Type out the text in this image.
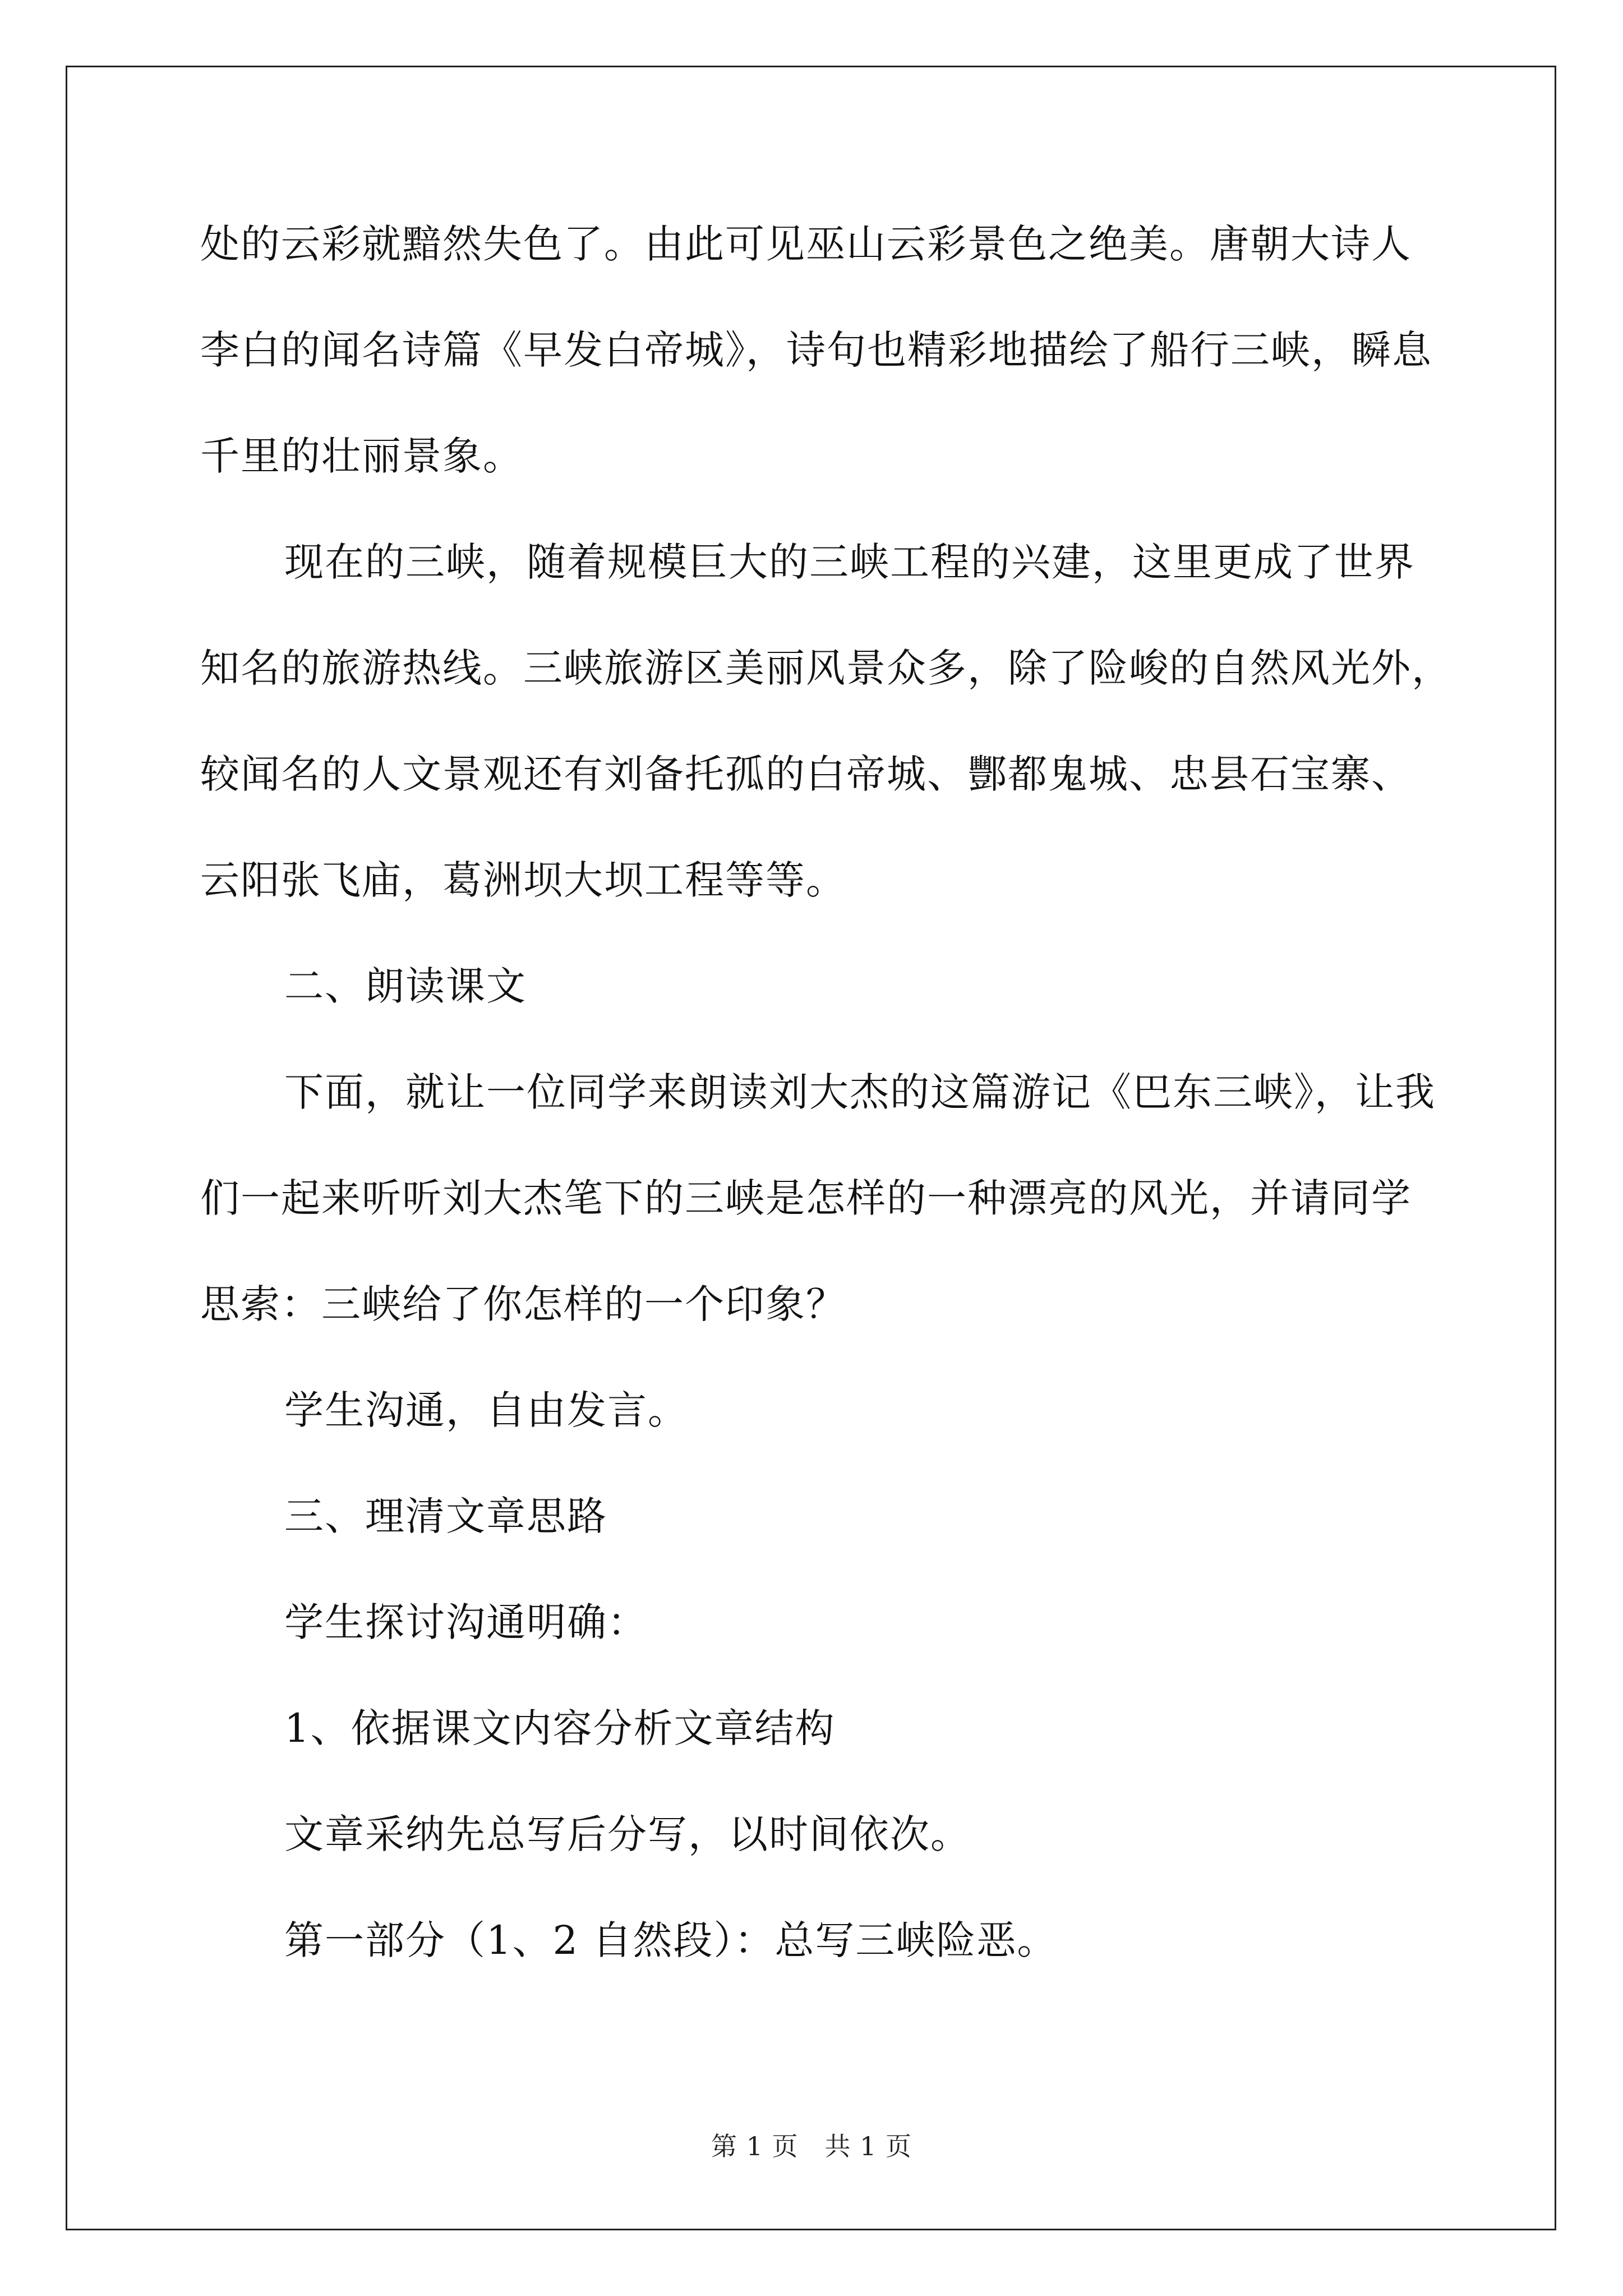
处的云彩就黯然失色了。由此可见巫山云彩景色之绝美。唐朝大诗人
李白的闻名诗篇《早发白帝城》，诗句也精彩地描绘了船行三峡，瞬息
千里的壮丽景象。
现在的三峡，随着规模巨大的三峡工程的兴建，这里更成了世界
知名的旅游热线。三峡旅游区美丽风景众多，除了险峻的自然风光外，
较闻名的人文景观还有刘备托孤的白帝城、酆都鬼城、忠县石宝寨、
云阳张飞庙，葛洲坝大坝工程等等。
二、朗读课文
下面，就让一位同学来朗读刘大杰的这篇游记《巴东三峡》，让我
们一起来听听刘大杰笔下的三峡是怎样的一种漂亮的风光，并请同学
思索：三峡给了你怎样的一个印象？
学生沟通，自由发言。
三、理清文章思路
学生探讨沟通明确：
1、依据课文内容分析文章结构
文章采纳先总写后分写，以时间依次。
第一部分（1、2 自然段）：总写三峡险恶。
第 1 页　共 1 页
